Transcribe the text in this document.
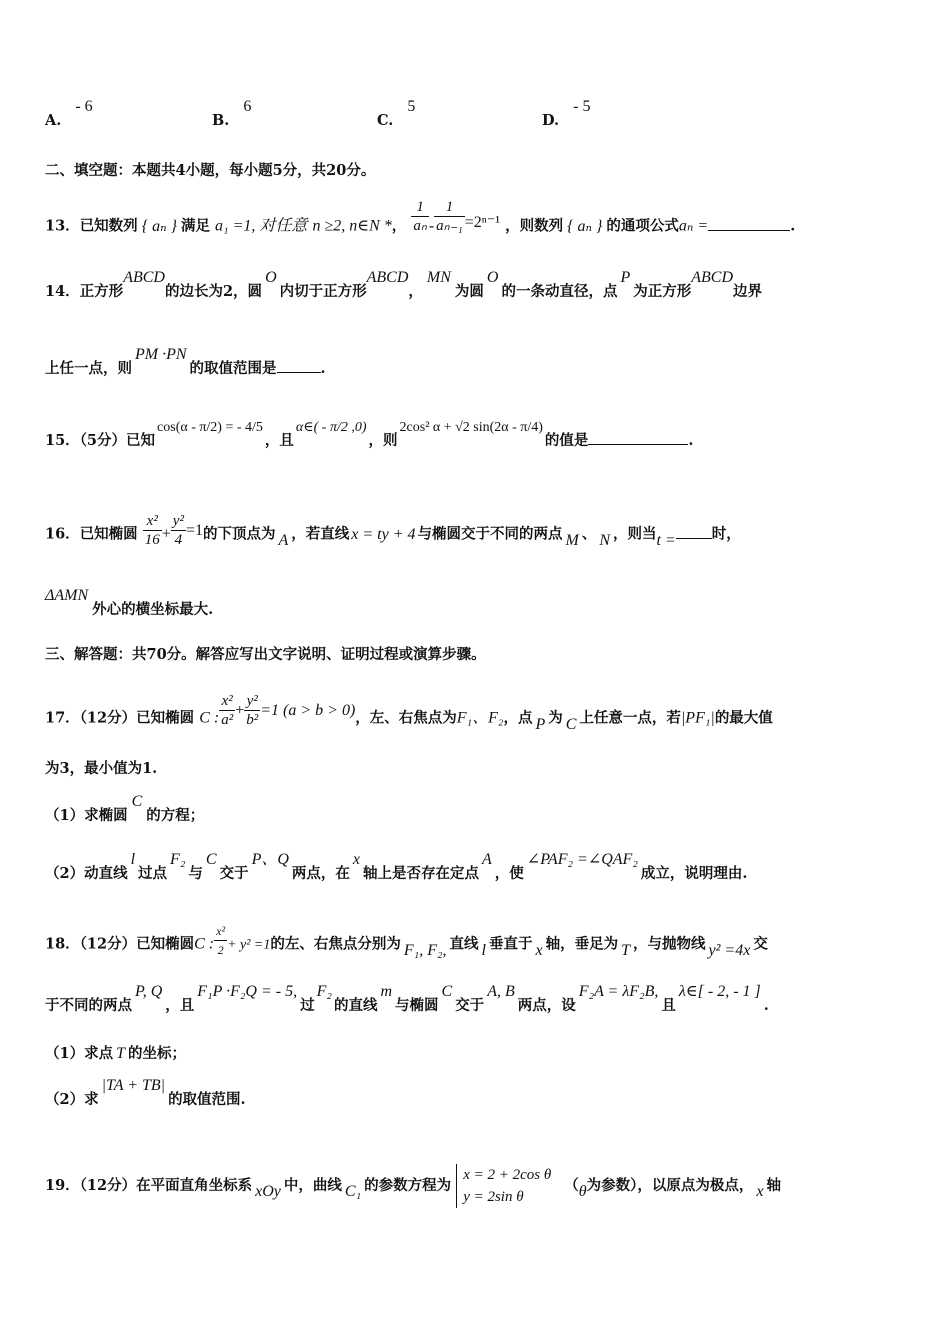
A.- 6
B.6
C.5
D.- 5
二、填空题：本题共4小题，每小题5分，共20分。
13．已知数列 { aₙ } 满足 a₁ =1, 对任意 n ≥2, n∈N *， $\frac{1}{\text{aₙ}} - \frac{1}{\text{aₙ₋₁}} =2^{n-1}$ ，则数列 { aₙ } 的通项公式aₙ =	.
14．正方形ABCD的边长为2，圆O内切于正方形ABCD，MN为圆O的一条动直径，点P为正方形ABCD边界
上任一点，则PM ·PN的取值范围是	.
15．（5分）已知cos(α - π/2) = - 4/5，且α∈( - π/2 ,0)，则2cos² α + √2 sin(2α - π/4)的值是	.
16．已知椭圆 $\frac{\text{x²}}{16} + \frac{\text{y²}}{4} =1$的下顶点为 A ，若直线 x = ty + 4 与椭圆交于不同的两点 M 、 N ，则当t = 时，
ΔAMN外心的横坐标最大.
三、解答题：共70分。解答应写出文字说明、证明过程或演算步骤。
17．（12分）已知椭圆 C : $\frac{\text{x²}}{\text{a²}} + \frac{\text{y²}}{\text{b²}} =1$ (a > b > 0)，左、右焦点为F₁、F₂，点 P 为 C 上任意一点，若|PF₁|的最大值
为3，最小值为1.
（1）求椭圆C的方程；
（2）动直线l过点F₂与C交于P、Q两点，在x轴上是否存在定点A，使∠PAF₂ =∠QAF₂成立，说明理由.
18．（12分）已知椭圆C : $\frac{\text{x²}}{2} + y^2 =1$的左、右焦点分别为 F₁, F₂, 直线 l 垂直于 x 轴，垂足为 T ，与抛物线 y² =4x 交
于不同的两点P, Q，且F₁P ·F₂Q = - 5,过F₂的直线m与椭圆C交于A, B两点，设F₂A = λF₂B,且λ∈[ - 2, - 1 ].
（1）求点 T 的坐标；
（2）求|TA + TB|的取值范围.
19．（12分）在平面直角坐标系 xOy 中，曲线 C₁ 的参数方程为
x = 2 + 2cos θ
y = 2sin θ
（θ为参数），以原点为极点， x 轴
